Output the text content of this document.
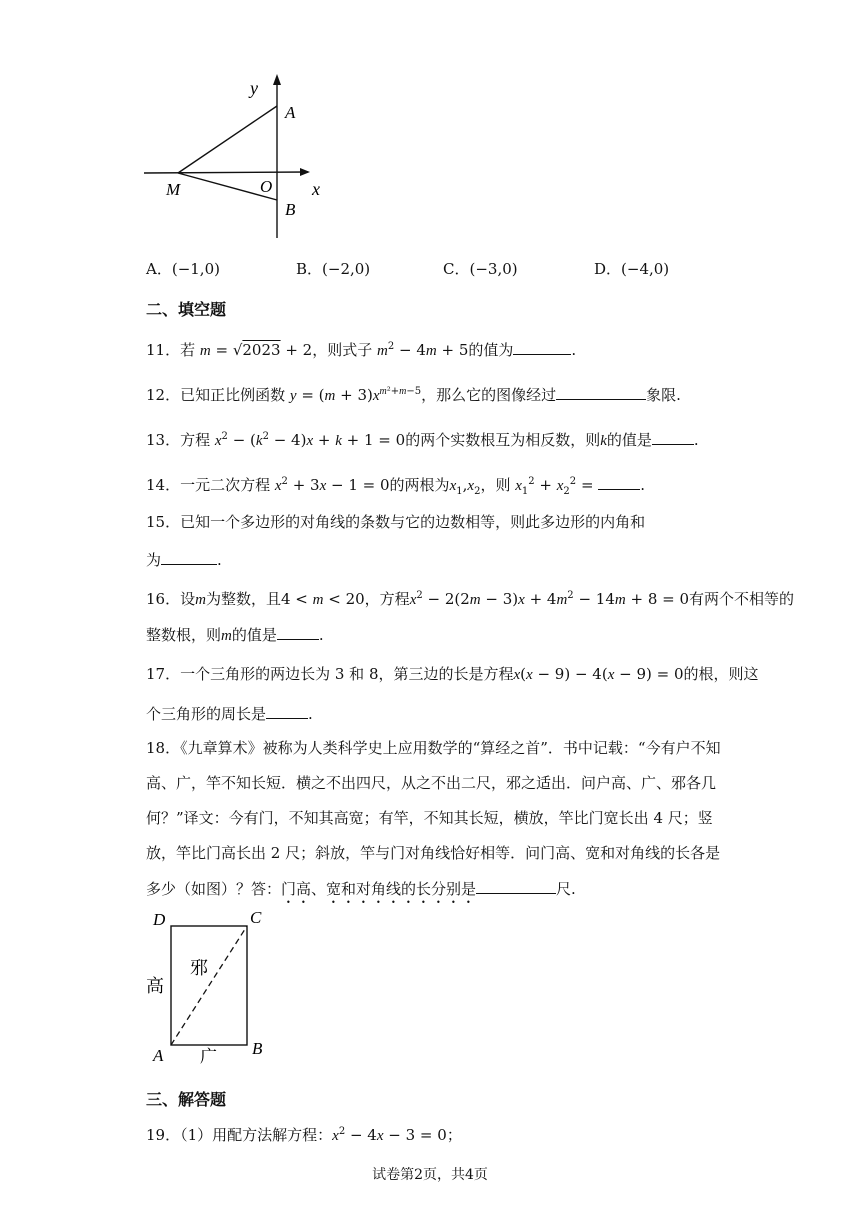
y
A
O x
M
B
A．(−1,0)	B．(−2,0)	C．(−3,0)	D．(−4,0)
二、填空题
11．若 m = √2023 + 2，则式子 $m^2 - 4m + 5$的值为	.
12．已知正比例函数 $y = (m + 3)x^{m^2+m-5}$，那么它的图像经过	象限.
13．方程 $x^2 - (k^2 - 4)x + k + 1 = 0$的两个实数根互为相反数，则k的值是	.
14．一元二次方程 $x^2 + 3x - 1 = 0$的两根为$x_1,x_2$，则 $x_1^2 + x_2^2$ =	.
15．已知一个多边形的对角线的条数与它的边数相等，则此多边形的内角和
为	.
16．设m为整数，且4 < m < 20，方程$x^2 - 2(2m - 3)x + 4m^2 - 14m + 8 = 0$有两个不相等的
整数根，则m的值是	.
17．一个三角形的两边长为 3 和 8，第三边的长是方程x(x − 9) − 4(x − 9) = 0的根，则这
个三角形的周长是	.
18．《九章算术》被称为人类科学史上应用数学的“算经之首”．书中记载：“今有户不知
高、广，竿不知长短．横之不出四尺，从之不出二尺，邪之适出．问户高、广、邪各几
何？”译文：今有门，不知其高宽；有竿，不知其长短，横放，竿比门宽长出 4 尺；竖
放，竿比门高长出 2 尺；斜放，竿与门对角线恰好相等．问门高、宽和对角线的长各是
多少（如图）？答：门高、宽和对角线的长分别是	尺.
D	C
A	B
高
邪
广
三、解答题
19．（1）用配方法解方程：$x^2 - 4x - 3 = 0$；
试卷第2页，共4页
